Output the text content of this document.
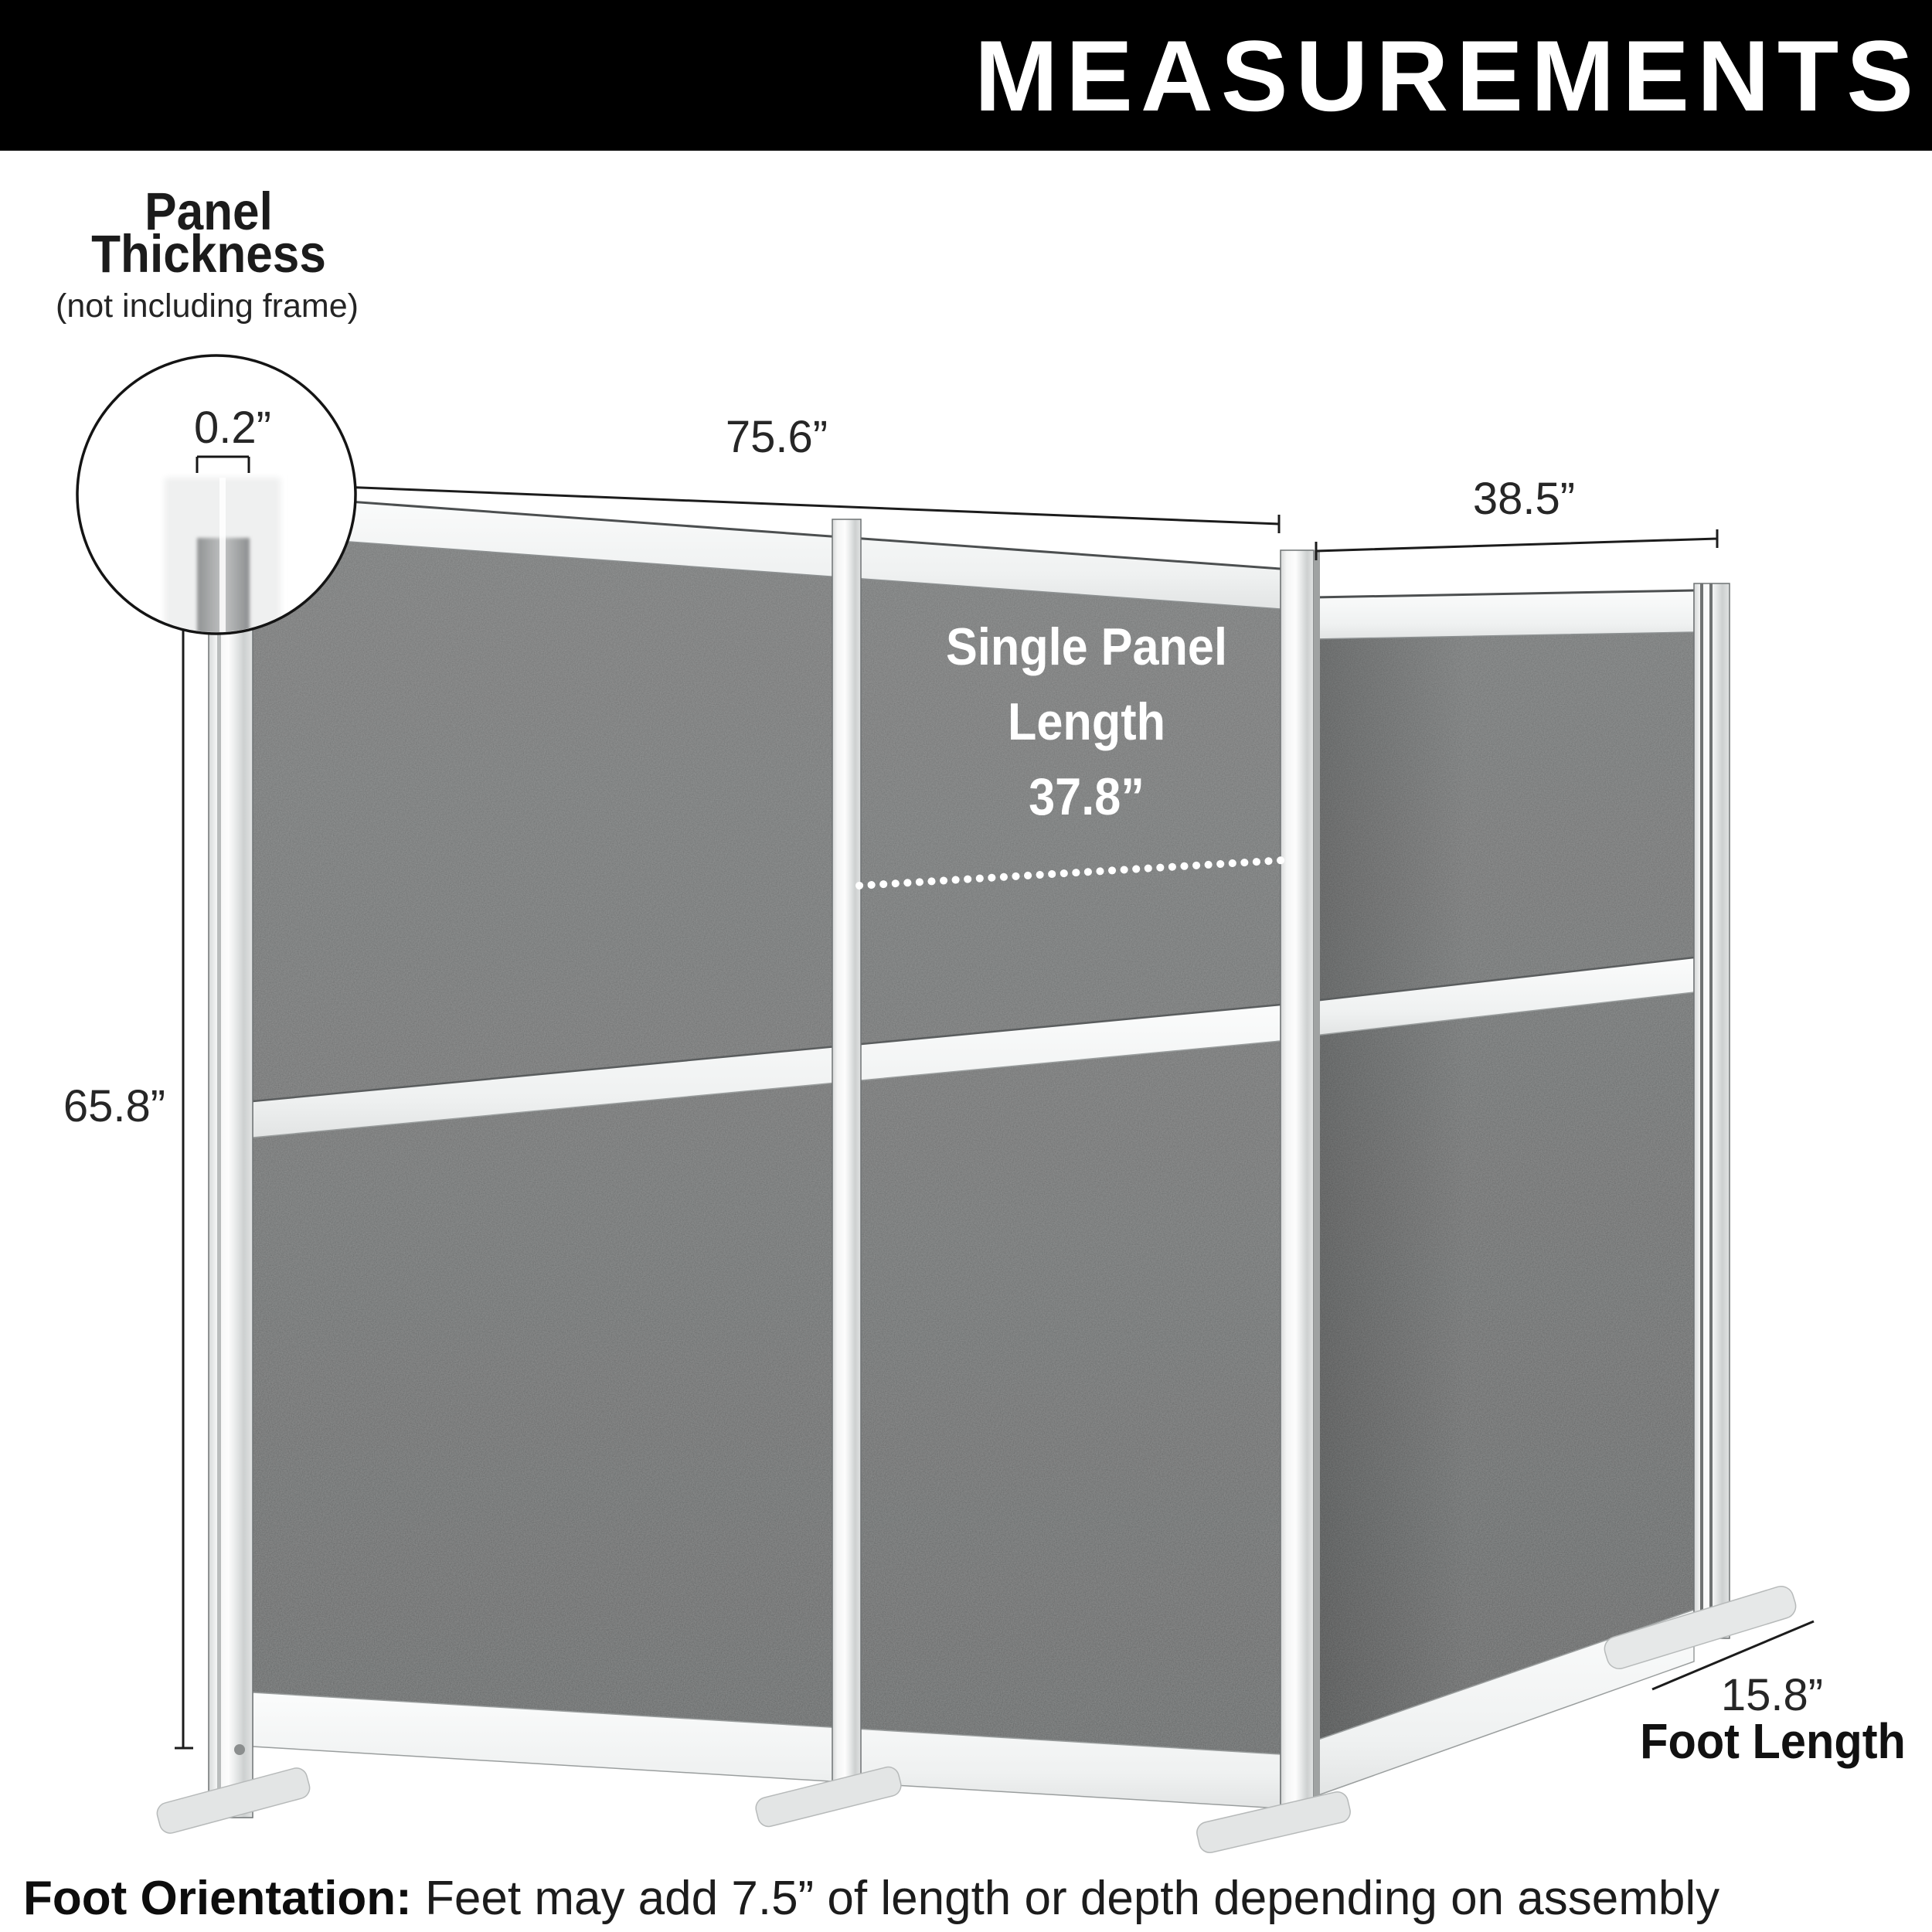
MEASUREMENTS
Panel
Thickness
(not including frame)
0.2”	75.6”
38.5”
65.8”
15.8”
Single Panel
Length
37.8”
Foot Length
Foot Orientation: Feet may add 7.5” of length or depth depending on assembly
